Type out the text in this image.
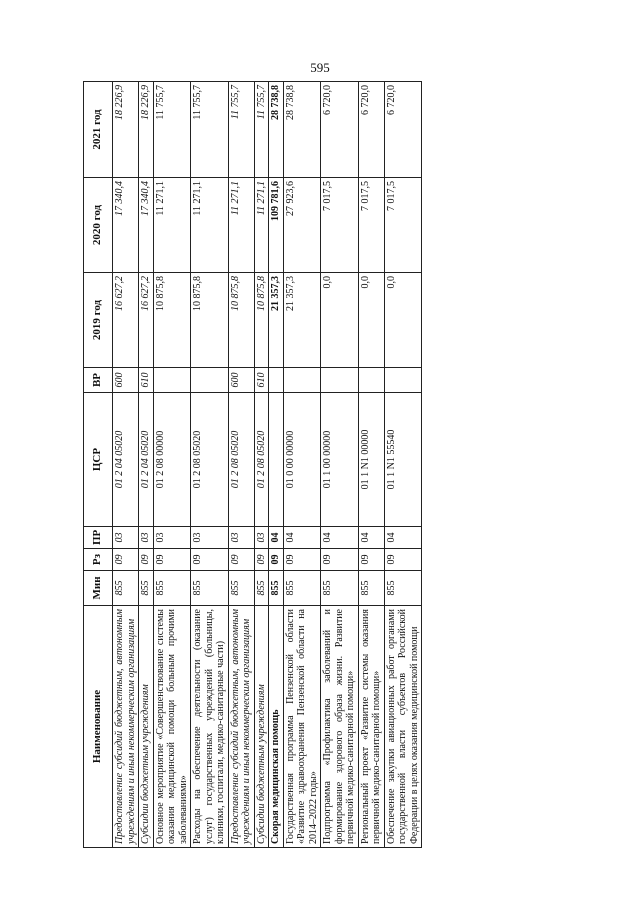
595
Наименование	Мин	Рз	ПР	ЦСР	ВР	2019 год	2020 год	2021 год
Предоставление субсидий бюджетным, автономным учреждениям и иным некоммерческим организациям	855	09	03	01 2 04 05020	600	16 627,2	17 340,4	18 226,9
Субсидии бюджетным учреждениям	855	09	03	01 2 04 05020	610	16 627,2	17 340,4	18 226,9
Основное мероприятие «Совершенствование системы оказания медицинской помощи больным прочими заболеваниями»	855	09	03	01 2 08 00000		10 875,8	11 271,1	11 755,7
Расходы на обеспечение деятельности (оказание услуг) государственных учреждений (больницы, клиники, госпитали, медико-санитарные части)	855	09	03	01 2 08 05020		10 875,8	11 271,1	11 755,7
Предоставление субсидий бюджетным, автономным учреждениям и иным некоммерческим организациям	855	09	03	01 2 08 05020	600	10 875,8	11 271,1	11 755,7
Субсидии бюджетным учреждениям	855	09	03	01 2 08 05020	610	10 875,8	11 271,1	11 755,7
Скорая медицинская помощь	855	09	04			21 357,3	109 781,6	28 738,8
Государственная программа Пензенской области «Развитие здравоохранения Пензенской области на 2014–2022 годы»	855	09	04	01 0 00 00000		21 357,3	27 923,6	28 738,8
Подпрограмма «Профилактика заболеваний и формирование здорового образа жизни. Развитие первичной медико-санитарной помощи»	855	09	04	01 1 00 00000		0,0	7 017,5	6 720,0
Региональный проект «Развитие системы оказания первичной медико-санитарной помощи»	855	09	04	01 1 N1 00000		0,0	7 017,5	6 720,0
Обеспечение закупки авиационных работ органами государственной власти субъектов Российской Федерации в целях оказания медицинской помощи	855	09	04	01 1 N1 55540		0,0	7 017,5	6 720,0
